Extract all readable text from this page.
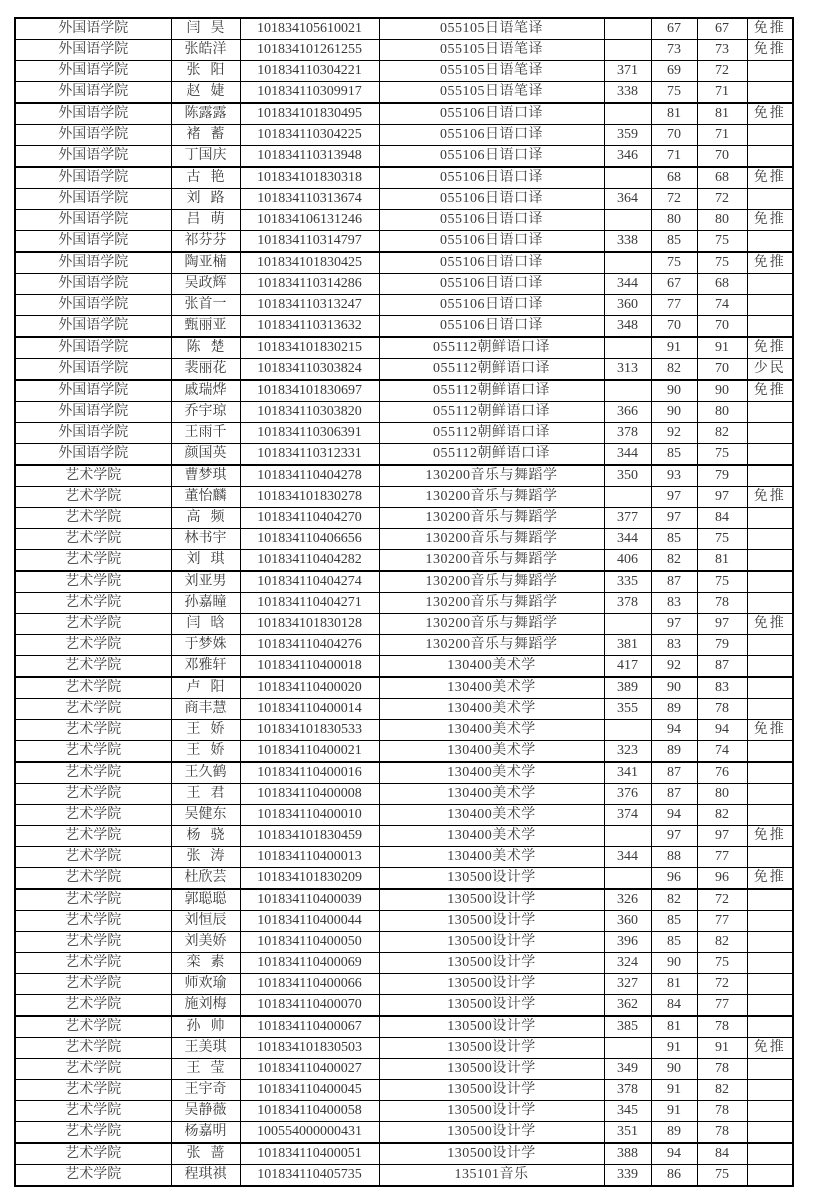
外国语学院	闫昊	101834105610021	055105日语笔译		67	67	免推
外国语学院	张皓洋	101834101261255	055105日语笔译		73	73	免推
外国语学院	张阳	101834110304221	055105日语笔译	371	69	72	
外国语学院	赵婕	101834110309917	055105日语笔译	338	75	71	
外国语学院	陈露露	101834101830495	055106日语口译		81	81	免推
外国语学院	褚蓄	101834110304225	055106日语口译	359	70	71	
外国语学院	丁国庆	101834110313948	055106日语口译	346	71	70	
外国语学院	古艳	101834101830318	055106日语口译		68	68	免推
外国语学院	刘路	101834110313674	055106日语口译	364	72	72	
外国语学院	吕萌	101834106131246	055106日语口译		80	80	免推
外国语学院	祁芬芬	101834110314797	055106日语口译	338	85	75	
外国语学院	陶亚楠	101834101830425	055106日语口译		75	75	免推
外国语学院	吴政辉	101834110314286	055106日语口译	344	67	68	
外国语学院	张首一	101834110313247	055106日语口译	360	77	74	
外国语学院	甄丽亚	101834110313632	055106日语口译	348	70	70	
外国语学院	陈楚	101834101830215	055112朝鲜语口译		91	91	免推
外国语学院	裴丽花	101834110303824	055112朝鲜语口译	313	82	70	少民
外国语学院	戚瑞烨	101834101830697	055112朝鲜语口译		90	90	免推
外国语学院	乔宇琼	101834110303820	055112朝鲜语口译	366	90	80	
外国语学院	王雨千	101834110306391	055112朝鲜语口译	378	92	82	
外国语学院	颜国英	101834110312331	055112朝鲜语口译	344	85	75	
艺术学院	曹梦琪	101834110404278	130200音乐与舞蹈学	350	93	79	
艺术学院	董怡麟	101834101830278	130200音乐与舞蹈学		97	97	免推
艺术学院	高频	101834110404270	130200音乐与舞蹈学	377	97	84	
艺术学院	林书宇	101834110406656	130200音乐与舞蹈学	344	85	75	
艺术学院	刘琪	101834110404282	130200音乐与舞蹈学	406	82	81	
艺术学院	刘亚男	101834110404274	130200音乐与舞蹈学	335	87	75	
艺术学院	孙嘉瞳	101834110404271	130200音乐与舞蹈学	378	83	78	
艺术学院	闫晗	101834101830128	130200音乐与舞蹈学		97	97	免推
艺术学院	于梦姝	101834110404276	130200音乐与舞蹈学	381	83	79	
艺术学院	邓雅轩	101834110400018	130400美术学	417	92	87	
艺术学院	卢阳	101834110400020	130400美术学	389	90	83	
艺术学院	商丰慧	101834110400014	130400美术学	355	89	78	
艺术学院	王娇	101834101830533	130400美术学		94	94	免推
艺术学院	王娇	101834110400021	130400美术学	323	89	74	
艺术学院	王久鹤	101834110400016	130400美术学	341	87	76	
艺术学院	王君	101834110400008	130400美术学	376	87	80	
艺术学院	吴健东	101834110400010	130400美术学	374	94	82	
艺术学院	杨骁	101834101830459	130400美术学		97	97	免推
艺术学院	张涛	101834110400013	130400美术学	344	88	77	
艺术学院	杜欣芸	101834101830209	130500设计学		96	96	免推
艺术学院	郭聪聪	101834110400039	130500设计学	326	82	72	
艺术学院	刘恒辰	101834110400044	130500设计学	360	85	77	
艺术学院	刘美娇	101834110400050	130500设计学	396	85	82	
艺术学院	栾素	101834110400069	130500设计学	324	90	75	
艺术学院	师欢瑜	101834110400066	130500设计学	327	81	72	
艺术学院	施刘梅	101834110400070	130500设计学	362	84	77	
艺术学院	孙帅	101834110400067	130500设计学	385	81	78	
艺术学院	王美琪	101834101830503	130500设计学		91	91	免推
艺术学院	王莹	101834110400027	130500设计学	349	90	78	
艺术学院	王宇奇	101834110400045	130500设计学	378	91	82	
艺术学院	吴静薇	101834110400058	130500设计学	345	91	78	
艺术学院	杨嘉明	100554000000431	130500设计学	351	89	78	
艺术学院	张蔷	101834110400051	130500设计学	388	94	84	
艺术学院	程琪祺	101834110405735	135101音乐	339	86	75	
